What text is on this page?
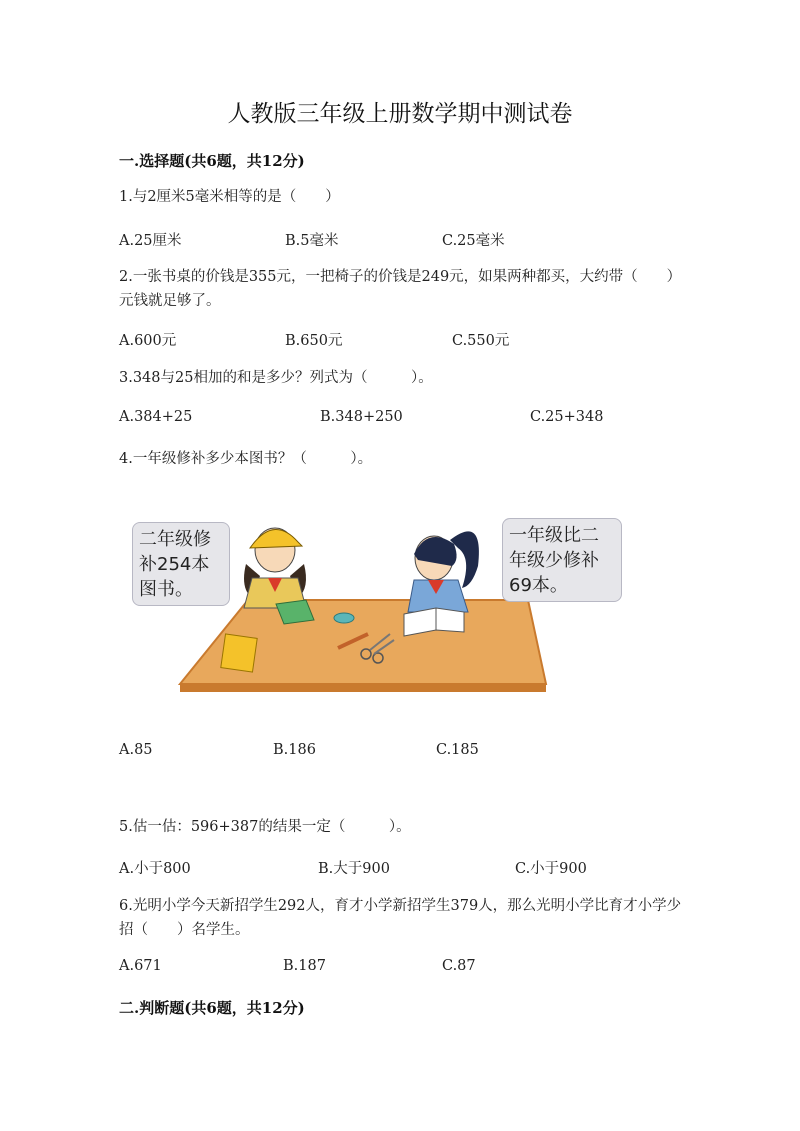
人教版三年级上册数学期中测试卷
一.选择题(共6题，共12分)
1.与2厘米5毫米相等的是（　　）
A.25厘米	B.5毫米	C.25毫米
2.一张书桌的价钱是355元，一把椅子的价钱是249元，如果两种都买，大约带（　　）元钱就足够了。
A.600元	B.650元	C.550元
3.348与25相加的和是多少？列式为（　　　）。
A.384+25	B.348+250	C.25+348
4.一年级修补多少本图书？（　　　）。
二年级修
补254本
图书。
一年级比二
年级少修补
69本。
A.85	B.186	C.185
5.估一估：596+387的结果一定（　　　）。
A.小于800	B.大于900	C.小于900
6.光明小学今天新招学生292人，育才小学新招学生379人，那么光明小学比育才小学少招（　　）名学生。
A.671	B.187	C.87
二.判断题(共6题，共12分)
